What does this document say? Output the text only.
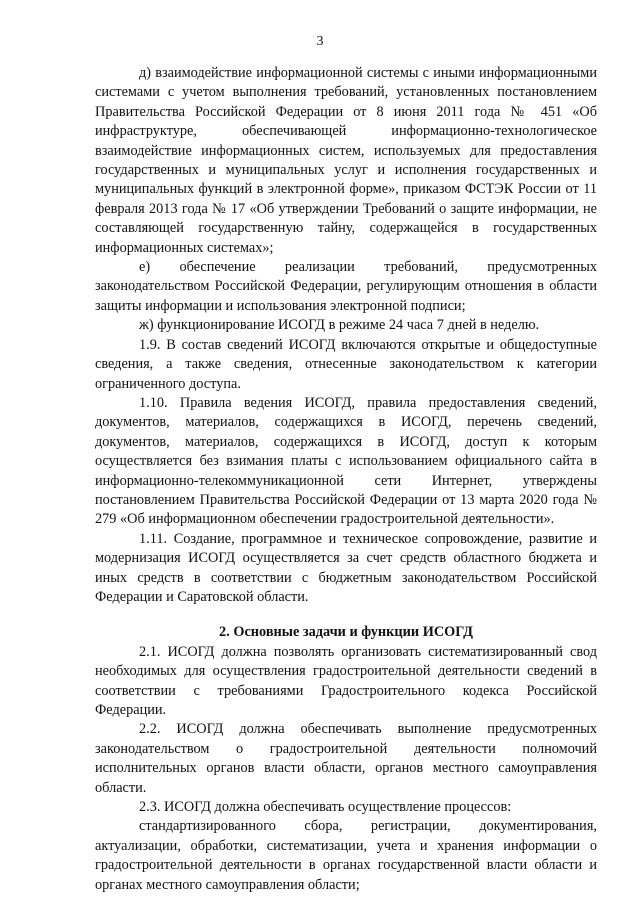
3

д) взаимодействие информационной системы с иными информационными системами с учетом выполнения требований, установленных постановлением Правительства Российской Федерации от 8 июня 2011 года № 451 «Об инфраструктуре, обеспечивающей информационно-технологическое взаимодействие информационных систем, используемых для предоставления государственных и муниципальных услуг и исполнения государственных и муниципальных функций в электронной форме», приказом ФСТЭК России от 11 февраля 2013 года № 17 «Об утверждении Требований о защите информации, не составляющей государственную тайну, содержащейся в государственных информационных системах»;

е) обеспечение реализации требований, предусмотренных законодательством Российской Федерации, регулирующим отношения в области защиты информации и использования электронной подписи;

ж) функционирование ИСОГД в режиме 24 часа 7 дней в неделю.

1.9. В состав сведений ИСОГД включаются открытые и общедоступные сведения, а также сведения, отнесенные законодательством к категории ограниченного доступа.

1.10. Правила ведения ИСОГД, правила предоставления сведений, документов, материалов, содержащихся в ИСОГД, перечень сведений, документов, материалов, содержащихся в ИСОГД, доступ к которым осуществляется без взимания платы с использованием официального сайта в информационно-телекоммуникационной сети Интернет, утверждены постановлением Правительства Российской Федерации от 13 марта 2020 года № 279 «Об информационном обеспечении градостроительной деятельности».

1.11. Создание, программное и техническое сопровождение, развитие и модернизация ИСОГД осуществляется за счет средств областного бюджета и иных средств в соответствии с бюджетным законодательством Российской Федерации и Саратовской области.

2. Основные задачи и функции ИСОГД

2.1. ИСОГД должна позволять организовать систематизированный свод необходимых для осуществления градостроительной деятельности сведений в соответствии с требованиями Градостроительного кодекса Российской Федерации.

2.2. ИСОГД должна обеспечивать выполнение предусмотренных законодательством о градостроительной деятельности полномочий исполнительных органов власти области, органов местного самоуправления области.

2.3. ИСОГД должна обеспечивать осуществление процессов:

стандартизированного сбора, регистрации, документирования, актуализации, обработки, систематизации, учета и хранения информации о градостроительной деятельности в органах государственной власти области и органах местного самоуправления области;
